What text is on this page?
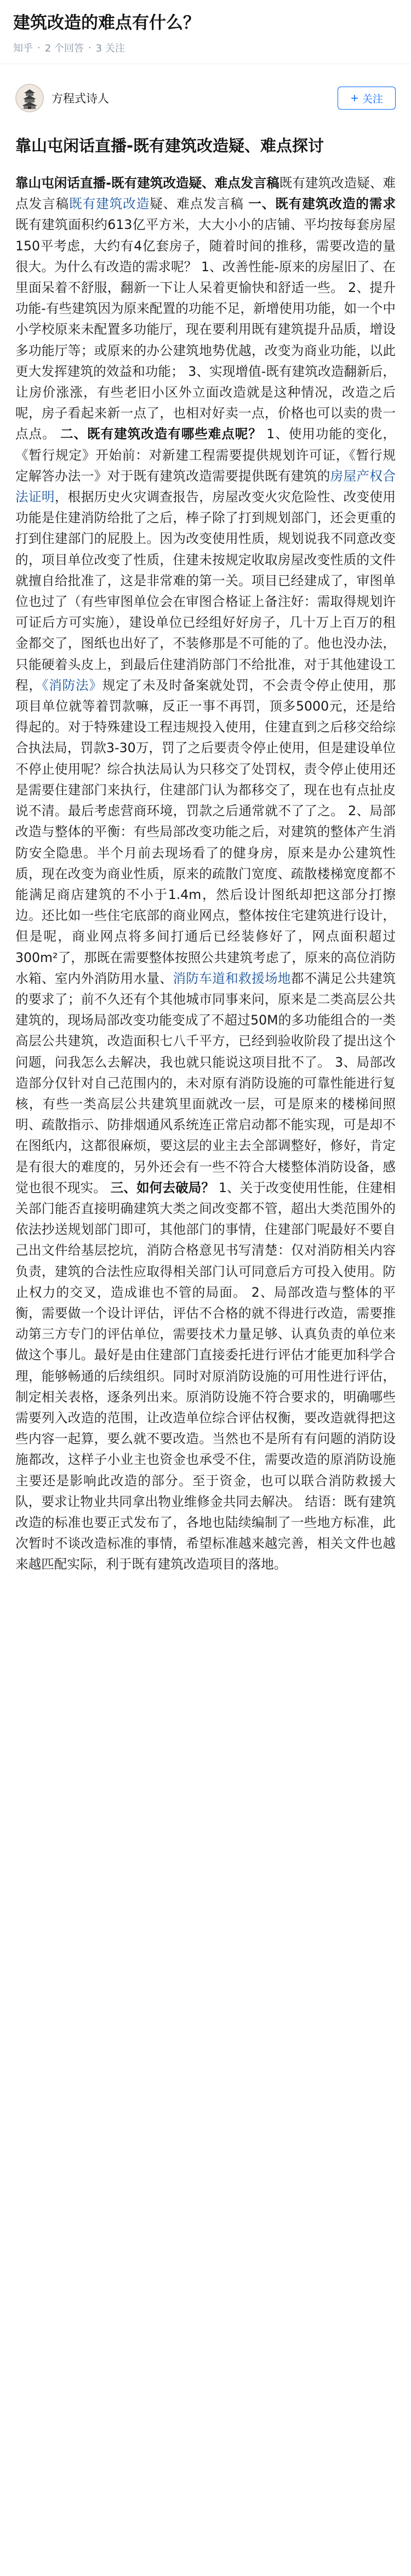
建筑改造的难点有什么？
知乎 · 2 个回答 · 3 关注
方程式诗人	+ 关注
靠山屯闲话直播-既有建筑改造疑、难点探讨
靠山屯闲话直播-既有建筑改造疑、难点发言稿既有建筑改造疑、难点发言稿既有建筑改造疑、难点发言稿 一、既有建筑改造的需求 既有建筑面积约613亿平方米，大大小小的店铺、平均按每套房屋150平考虑，大约有4亿套房子，随着时间的推移，需要改造的量很大。为什么有改造的需求呢？ 1、改善性能-原来的房屋旧了、在里面呆着不舒服，翻新一下让人呆着更愉快和舒适一些。 2、提升功能-有些建筑因为原来配置的功能不足，新增使用功能，如一个中小学校原来未配置多功能厅，现在要利用既有建筑提升品质，增设多功能厅等；或原来的办公建筑地势优越，改变为商业功能，以此更大发挥建筑的效益和功能； 3、实现增值-既有建筑改造翻新后，让房价涨涨，有些老旧小区外立面改造就是这种情况，改造之后呢，房子看起来新一点了，也相对好卖一点，价格也可以卖的贵一点点。 二、既有建筑改造有哪些难点呢？ 1、使用功能的变化，《暂行规定》开始前：对新建工程需要提供规划许可证，《暂行规定解答办法一》对于既有建筑改造需要提供既有建筑的房屋产权合法证明，根据历史火灾调查报告，房屋改变火灾危险性、改变使用功能是住建消防给批了之后，棒子除了打到规划部门，还会更重的打到住建部门的屁股上。因为改变使用性质，规划说我不同意改变的，项目单位改变了性质，住建未按规定收取房屋改变性质的文件就擅自给批准了，这是非常难的第一关。项目已经建成了，审图单位也过了（有些审图单位会在审图合格证上备注好：需取得规划许可证后方可实施），建设单位已经组好好房子，几十万上百万的租金都交了，图纸也出好了，不装修那是不可能的了。他也没办法，只能硬着头皮上，到最后住建消防部门不给批准，对于其他建设工程，《消防法》规定了未及时备案就处罚，不会责令停止使用，那项目单位就等着罚款嘛，反正一事不再罚，顶多5000元，还是给得起的。对于特殊建设工程违规投入使用，住建直到之后移交给综合执法局，罚款3-30万，罚了之后要责令停止使用，但是建设单位不停止使用呢？综合执法局认为只移交了处罚权，责令停止使用还是需要住建部门来执行，住建部门认为都移交了，现在也有点扯皮说不清。最后考虑营商环境，罚款之后通常就不了了之。 2、局部改造与整体的平衡：有些局部改变功能之后，对建筑的整体产生消防安全隐患。半个月前去现场看了的健身房，原来是办公建筑性质，现在改变为商业性质，原来的疏散门宽度、疏散楼梯宽度都不能满足商店建筑的不小于1.4m，然后设计图纸却把这部分打擦边。还比如一些住宅底部的商业网点，整体按住宅建筑进行设计，但是呢，商业网点将多间打通后已经装修好了，网点面积超过300m²了，那既在需要整体按照公共建筑考虑了，原来的高位消防水箱、室内外消防用水量、消防车道和救援场地都不满足公共建筑的要求了；前不久还有个其他城市同事来问，原来是二类高层公共建筑的，现场局部改变功能变成了不超过50M的多功能组合的一类高层公共建筑，改造面积七八千平方，已经到验收阶段了提出这个问题，问我怎么去解决，我也就只能说这项目批不了。 3、局部改造部分仅针对自己范围内的，未对原有消防设施的可靠性能进行复核，有些一类高层公共建筑里面就改一层，可是原来的楼梯间照明、疏散指示、防排烟通风系统连正常启动都不能实现，可是却不在图纸内，这都很麻烦，要这层的业主去全部调整好，修好，肯定是有很大的难度的，另外还会有一些不符合大楼整体消防设备，感觉也很不现实。 三、如何去破局？ 1、关于改变使用性能，住建相关部门能否直接明确建筑大类之间改变都不管，超出大类范围外的依法抄送规划部门即可，其他部门的事情，住建部门呢最好不要自己出文件给基层挖坑，消防合格意见书写清楚：仅对消防相关内容负责，建筑的合法性应取得相关部门认可同意后方可投入使用。防止权力的交叉，造成谁也不管的局面。 2、局部改造与整体的平衡，需要做一个设计评估，评估不合格的就不得进行改造，需要推动第三方专门的评估单位，需要技术力量足够、认真负责的单位来做这个事儿。最好是由住建部门直接委托进行评估才能更加科学合理，能够畅通的后续组织。同时对原消防设施的可用性进行评估，制定相关表格，逐条列出来。原消防设施不符合要求的，明确哪些需要列入改造的范围，让改造单位综合评估权衡，要改造就得把这些内容一起算，要么就不要改造。当然也不是所有有问题的消防设施都改，这样子小业主也资金也承受不住，需要改造的原消防设施主要还是影响此改造的部分。至于资金，也可以联合消防救援大队，要求让物业共同拿出物业维修金共同去解决。 结语：既有建筑改造的标准也要正式发布了，各地也陆续编制了一些地方标准，此次暂时不谈改造标准的事情，希望标准越来越完善，相关文件也越来越匹配实际，利于既有建筑改造项目的落地。
